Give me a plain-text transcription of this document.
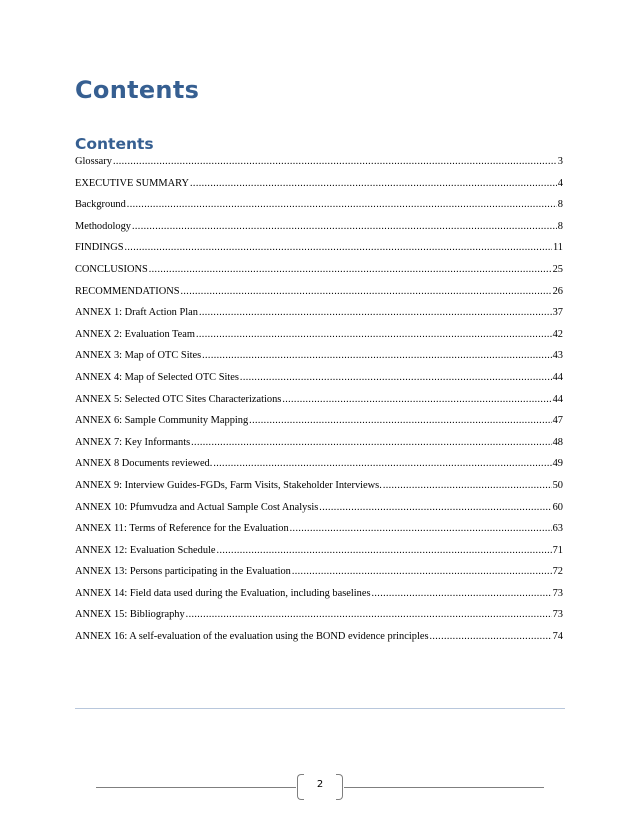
Contents
Contents
Glossary .....	3
EXECUTIVE SUMMARY .....	4
Background .....	8
Methodology .....	8
FINDINGS .....	11
CONCLUSIONS .....	25
RECOMMENDATIONS .....	26
ANNEX 1: Draft Action Plan .....	37
ANNEX 2: Evaluation Team .....	42
ANNEX 3: Map of OTC Sites .....	43
ANNEX 4: Map of Selected OTC Sites .....	44
ANNEX 5: Selected OTC Sites Characterizations .....	44
ANNEX 6: Sample Community Mapping .....	47
ANNEX 7: Key Informants .....	48
ANNEX 8 Documents reviewed. .....	49
ANNEX 9: Interview Guides-FGDs, Farm Visits, Stakeholder Interviews. .....	50
ANNEX 10: Pfumvudza and Actual Sample Cost Analysis .....	60
ANNEX 11: Terms of Reference for the Evaluation .....	63
ANNEX 12: Evaluation Schedule .....	71
ANNEX 13: Persons participating in the Evaluation .....	72
ANNEX 14: Field data used during the Evaluation, including baselines .....	73
ANNEX 15: Bibliography .....	73
ANNEX 16: A self-evaluation of the evaluation using the BOND evidence principles .....	74
2
